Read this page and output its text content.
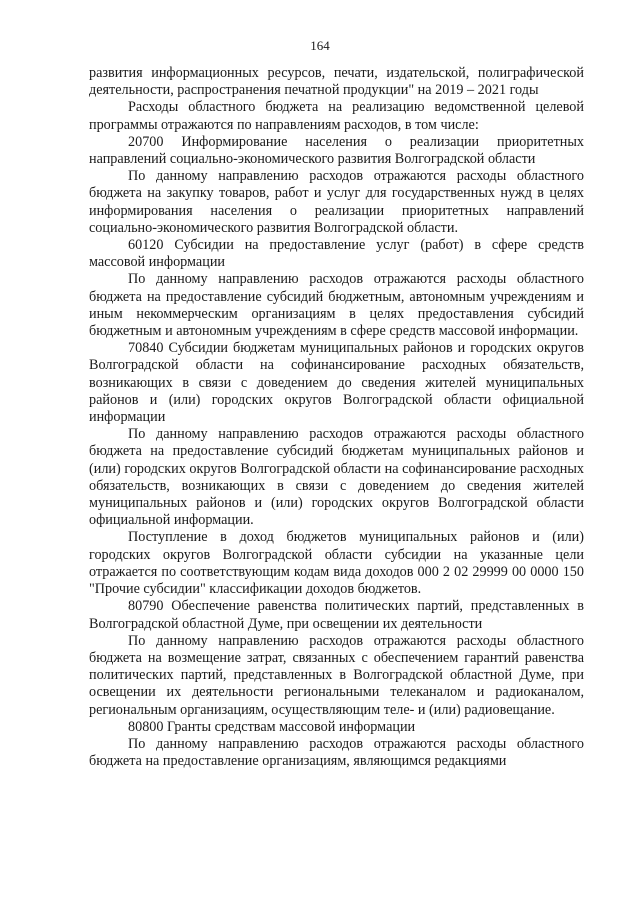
164

развития информационных ресурсов, печати, издательской, полиграфической деятельности, распространения печатной продукции" на 2019 – 2021 годы

Расходы областного бюджета на реализацию ведомственной целевой программы отражаются по направлениям расходов, в том числе:

20700 Информирование населения о реализации приоритетных направлений социально-экономического развития Волгоградской области

По данному направлению расходов отражаются расходы областного бюджета на закупку товаров, работ и услуг для государственных нужд в целях информирования населения о реализации приоритетных направлений социально-экономического развития Волгоградской области.

60120 Субсидии на предоставление услуг (работ) в сфере средств массовой информации

По данному направлению расходов отражаются расходы областного бюджета на предоставление субсидий бюджетным, автономным учреждениям и иным некоммерческим организациям в целях предоставления субсидий бюджетным и автономным учреждениям в сфере средств массовой информации.

70840 Субсидии бюджетам муниципальных районов и городских округов Волгоградской области на софинансирование расходных обязательств, возникающих в связи с доведением до сведения жителей муниципальных районов и (или) городских округов Волгоградской области официальной информации

По данному направлению расходов отражаются расходы областного бюджета на предоставление субсидий бюджетам муниципальных районов и (или) городских округов Волгоградской области на софинансирование расходных обязательств, возникающих в связи с доведением до сведения жителей муниципальных районов и (или) городских округов Волгоградской области официальной информации.

Поступление в доход бюджетов муниципальных районов и (или) городских округов Волгоградской области субсидии на указанные цели отражается по соответствующим кодам вида доходов 000 2 02 29999 00 0000 150 "Прочие субсидии" классификации доходов бюджетов.

80790 Обеспечение равенства политических партий, представленных в Волгоградской областной Думе, при освещении их деятельности

По данному направлению расходов отражаются расходы областного бюджета на возмещение затрат, связанных с обеспечением гарантий равенства политических партий, представленных в Волгоградской областной Думе, при освещении их деятельности региональными телеканалом и радиоканалом, региональным организациям, осуществляющим теле- и (или) радиовещание.

80800 Гранты средствам массовой информации

По данному направлению расходов отражаются расходы областного бюджета на предоставление организациям, являющимся редакциями
